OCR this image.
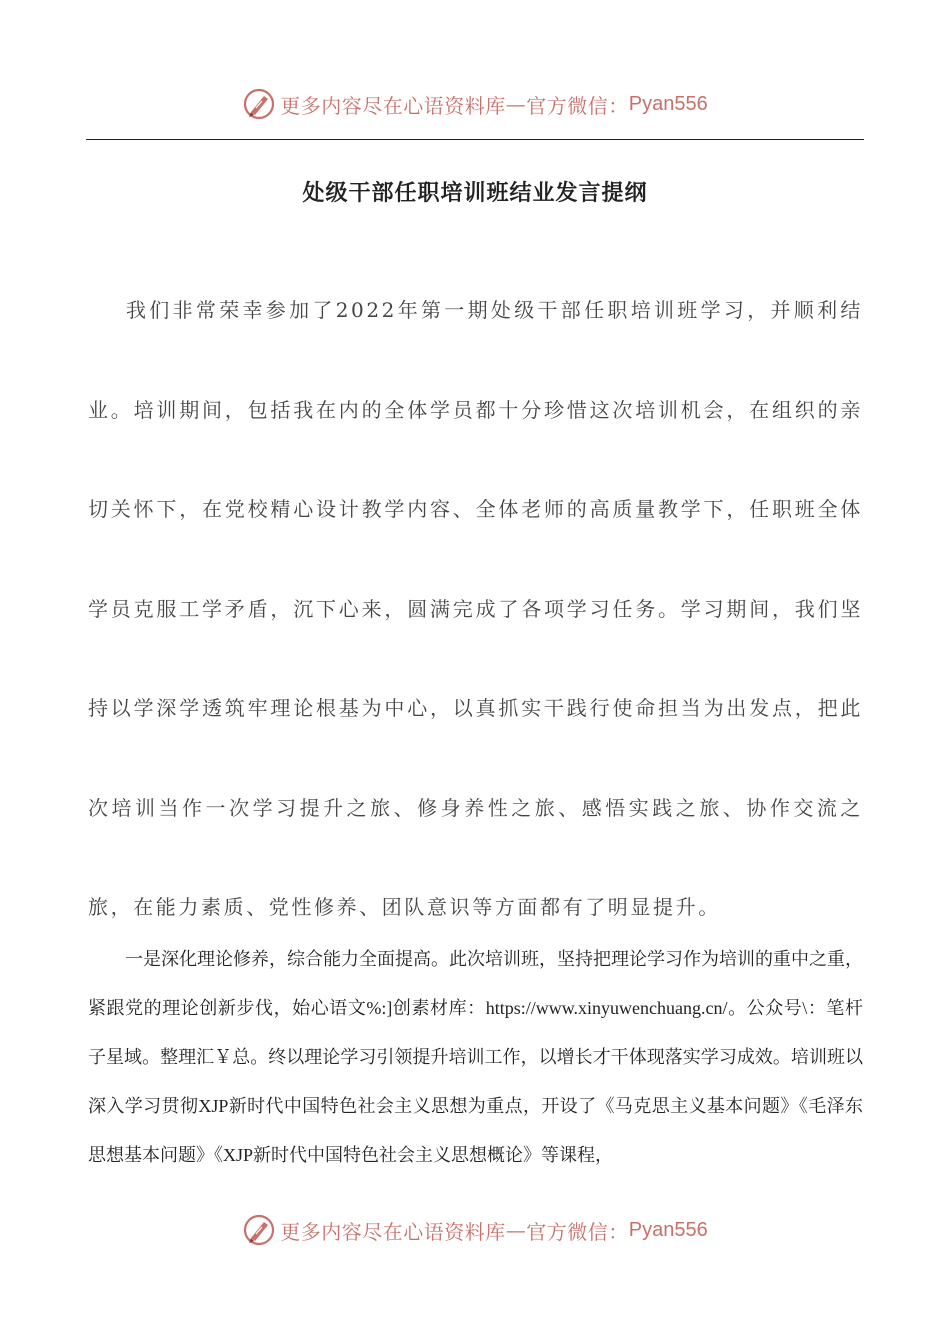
更多内容尽在心语资料库 — 官方微信： Pyan556
处级干部任职培训班结业发言提纲

我们非常荣幸参加了2022年第一期处级干部任职培训班学习，并顺利结业。培训期间，包括我在内的全体学员都十分珍惜这次培训机会，在组织的亲切关怀下，在党校精心设计教学内容、全体老师的高质量教学下，任职班全体学员克服工学矛盾，沉下心来，圆满完成了各项学习任务。学习期间，我们坚持以学深学透筑牢理论根基为中心，以真抓实干践行使命担当为出发点，把此次培训当作一次学习提升之旅、修身养性之旅、感悟实践之旅、协作交流之旅，在能力素质、党性修养、团队意识等方面都有了明显提升。

一是深化理论修养，综合能力全面提高。此次培训班，坚持把理论学习作为培训的重中之重，紧跟党的理论创新步伐，始心语文%:]创素材库：https://www.xinyuwenchuang.cn/。公众号\：笔杆子星域。整理汇￥总。终以理论学习引领提升培训工作，以增长才干体现落实学习成效。培训班以深入学习贯彻XJP新时代中国特色社会主义思想为重点，开设了《马克思主义基本问题》《毛泽东思想基本问题》《XJP新时代中国特色社会主义思想概论》等课程，

更多内容尽在心语资料库 — 官方微信： Pyan556
